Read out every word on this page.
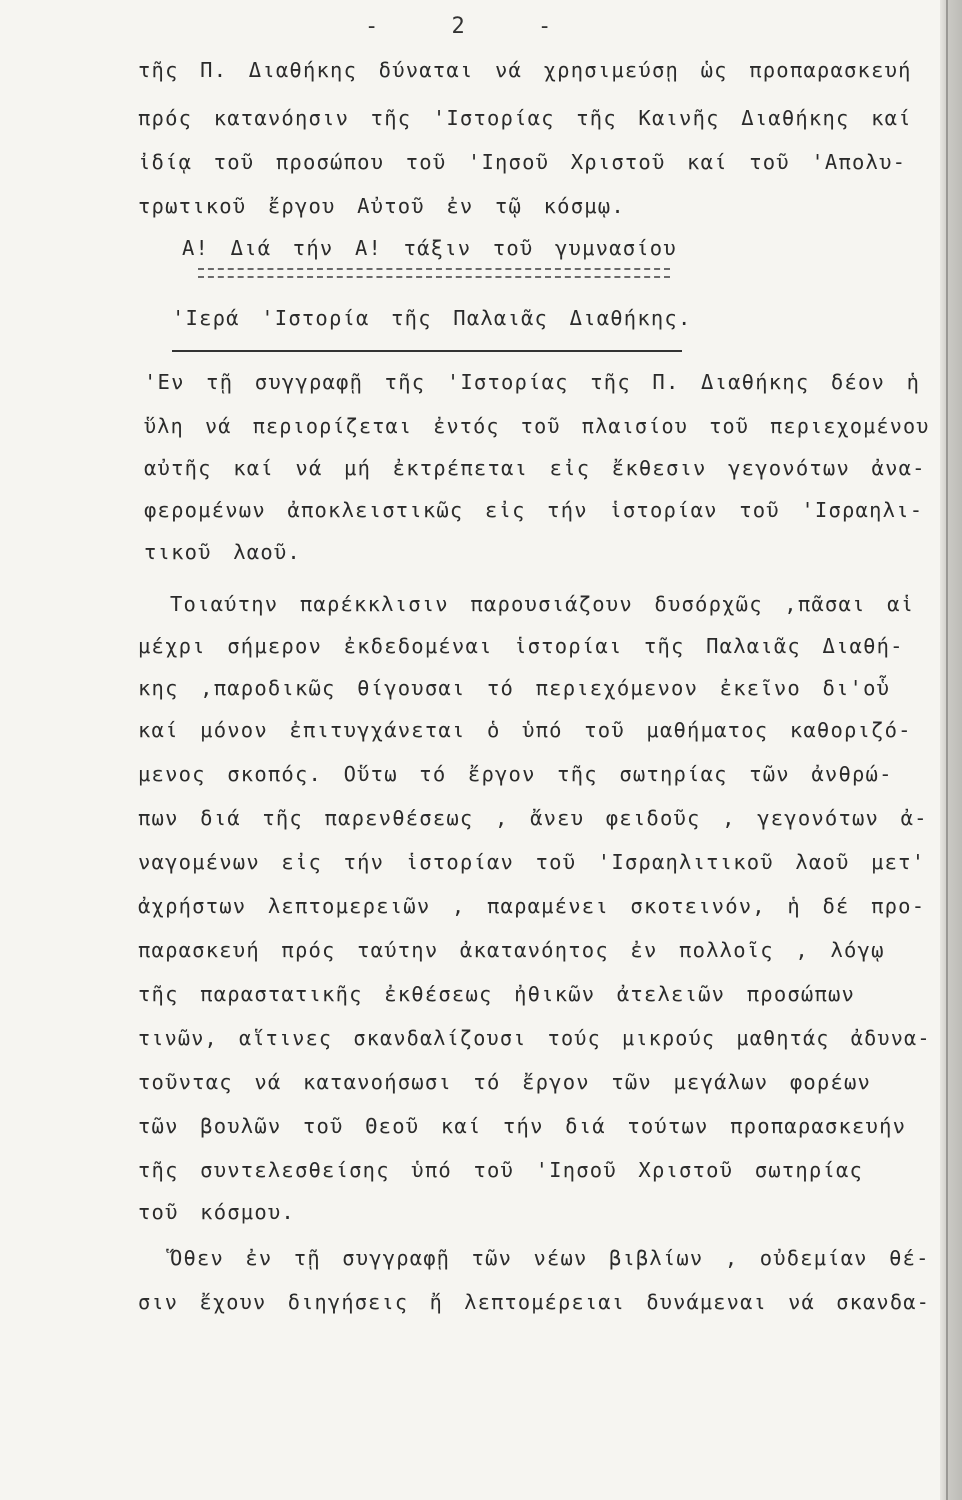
- 2 -
τῆς Π. Διαθήκης δύναται νά χρησιμεύσῃ ὡς προπαρασκευή
πρός κατανόησιν τῆς 'Ιστορίας τῆς Καινῆς Διαθήκης καί
ἰδίᾳ τοῦ προσώπου τοῦ 'Ιησοῦ Χριστοῦ καί τοῦ 'Απολυ-
τρωτικοῦ ἔργου Αὐτοῦ ἐν τῷ κόσμῳ.
Α! Διά τήν Α! τάξιν τοῦ γυμνασίου
'Ιερά 'Ιστορία τῆς Παλαιᾶς Διαθήκης.
'Εν τῇ συγγραφῇ τῆς 'Ιστορίας τῆς Π. Διαθήκης δέον ἡ
ὕλη νά περιορίζεται ἐντός τοῦ πλαισίου τοῦ περιεχομένου
αὐτῆς καί νά μή ἐκτρέπεται εἰς ἔκθεσιν γεγονότων ἀνα-
φερομένων ἀποκλειστικῶς εἰς τήν ἱστορίαν τοῦ 'Ισραηλι-
τικοῦ λαοῦ.
Τοιαύτην παρέκκλισιν παρουσιάζουν δυσόρχῶς ,πᾶσαι αἱ
μέχρι σήμερον ἐκδεδομέναι ἱστορίαι τῆς Παλαιᾶς Διαθή-
κης ,παροδικῶς θίγουσαι τό περιεχόμενον ἐκεῖνο δι'οὗ
καί μόνον ἐπιτυγχάνεται ὁ ὑπό τοῦ μαθήματος καθοριζό-
μενος σκοπός. Οὕτω τό ἔργον τῆς σωτηρίας τῶν ἀνθρώ-
πων διά τῆς παρενθέσεως , ἄνευ φειδοῦς , γεγονότων ἀ-
ναγομένων εἰς τήν ἱστορίαν τοῦ 'Ισραηλιτικοῦ λαοῦ μετ'
ἀχρήστων λεπτομερειῶν , παραμένει σκοτεινόν, ἡ δέ προ-
παρασκευή πρός ταύτην ἀκατανόητος ἐν πολλοῖς , λόγῳ
τῆς παραστατικῆς ἐκθέσεως ἠθικῶν ἀτελειῶν προσώπων
τινῶν, αἵτινες σκανδαλίζουσι τούς μικρούς μαθητάς ἀδυνα-
τοῦντας νά κατανοήσωσι τό ἔργον τῶν μεγάλων φορέων
τῶν βουλῶν τοῦ Θεοῦ καί τήν διά τούτων προπαρασκευήν
τῆς συντελεσθείσης ὑπό τοῦ 'Ιησοῦ Χριστοῦ σωτηρίας
τοῦ κόσμου.
Ὅθεν ἐν τῇ συγγραφῇ τῶν νέων βιβλίων , οὐδεμίαν θέ-
σιν ἔχουν διηγήσεις ἤ λεπτομέρειαι δυνάμεναι νά σκανδα-
